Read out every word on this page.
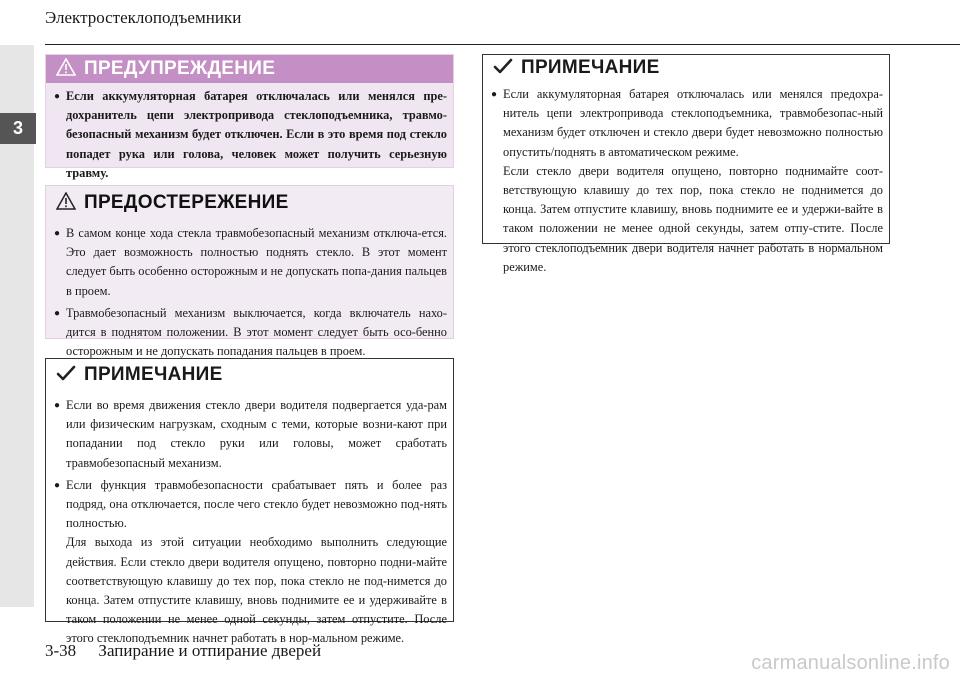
Электростеклоподъемники
3
ПРЕДУПРЕЖДЕНИЕ

● Если аккумуляторная батарея отключалась или менялся пре-дохранитель цепи электропривода стеклоподъемника, травмо-безопасный механизм будет отключен. Если в это время под стекло попадет рука или голова, человек может получить серьезную травму.

ПРЕДОСТЕРЕЖЕНИЕ

● В самом конце хода стекла травмобезопасный механизм отключа-ется. Это дает возможность полностью поднять стекло. В этот момент следует быть особенно осторожным и не допускать попа-дания пальцев в проем.

● Травмобезопасный механизм выключается, когда включатель нахо-дится в поднятом положении. В этот момент следует быть осо-бенно осторожным и не допускать попадания пальцев в проем.

ПРИМЕЧАНИЕ

● Если во время движения стекло двери водителя подвергается уда-рам или физическим нагрузкам, сходным с теми, которые возни-кают при попадании под стекло руки или головы, может сработать травмобезопасный механизм.

● Если функция травмобезопасности срабатывает пять и более раз подряд, она отключается, после чего стекло будет невозможно под-нять полностью.

Для выхода из этой ситуации необходимо выполнить следующие действия. Если стекло двери водителя опущено, повторно подни-майте соответствующую клавишу до тех пор, пока стекло не под-нимется до конца. Затем отпустите клавишу, вновь поднимите ее и удерживайте в таком положении не менее одной секунды, затем отпустите. После этого стеклоподъемник начнет работать в нор-мальном режиме.

ПРИМЕЧАНИЕ

● Если аккумуляторная батарея отключалась или менялся предохра-нитель цепи электропривода стеклоподъемника, травмобезопас-ный механизм будет отключен и стекло двери будет невозможно полностью опустить/поднять в автоматическом режиме.

Если стекло двери водителя опущено, повторно поднимайте соот-ветствующую клавишу до тех пор, пока стекло не поднимется до конца. Затем отпустите клавишу, вновь поднимите ее и удержи-вайте в таком положении не менее одной секунды, затем отпу-стите. После этого стеклоподъемник двери водителя начнет работать в нормальном режиме.

3-38 Запирание и отпирание дверей
carmanualsonline.info
